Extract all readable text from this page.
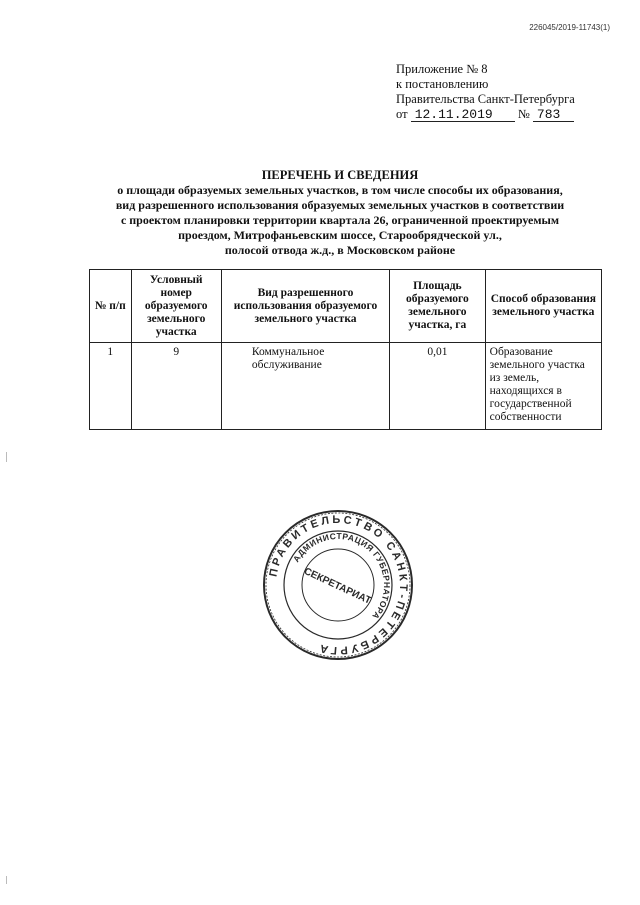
226045/2019-11743(1)
Приложение № 8
к постановлению
Правительства Санкт-Петербурга
от 12.11.2019 № 783
ПЕРЕЧЕНЬ И СВЕДЕНИЯ
о площади образуемых земельных участков, в том числе способы их образования,
вид разрешенного использования образуемых земельных участков в соответствии
с проектом планировки территории квартала 26, ограниченной проектируемым
проездом, Митрофаньевским шоссе, Старообрядческой ул.,
полосой отвода ж.д., в Московском районе
№ п/п	Условный номер образуемого земельного участка	Вид разрешенного использования образуемого земельного участка	Площадь образуемого земельного участка, га	Способ образования земельного участка
1	9	Коммунальное обслуживание	0,01	Образование земельного участка из земель, находящихся в государственной собственности
ПРАВИТЕЛЬСТВО САНКТ-ПЕТЕРБУРГА
АДМИНИСТРАЦИЯ ГУБЕРНАТОРА
СЕКРЕТАРИАТ
